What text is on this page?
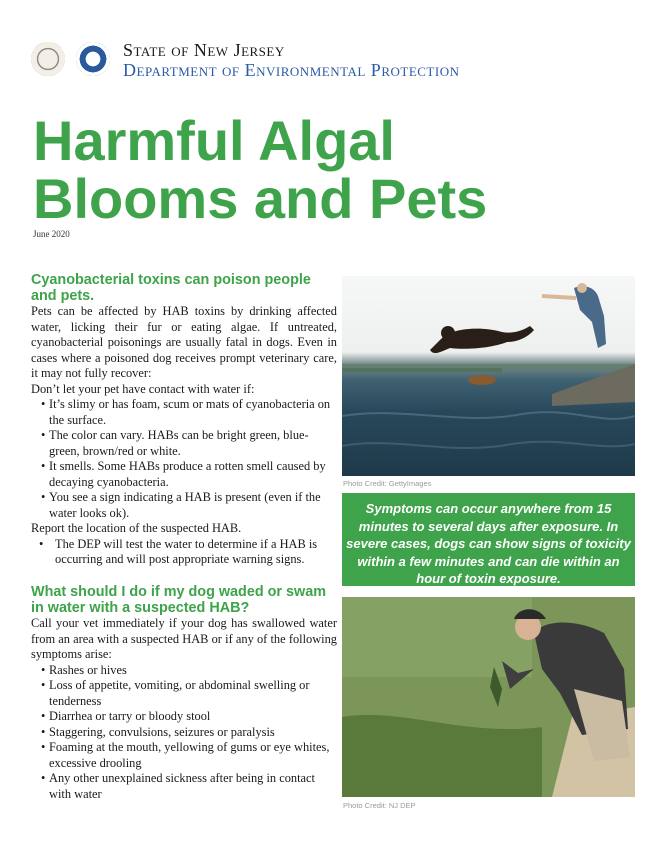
State of New Jersey
Department of Environmental Protection
Harmful Algal Blooms and Pets
June 2020
Cyanobacterial toxins can poison people and pets.

Pets can be affected by HAB toxins by drinking affected water, licking their fur or eating algae. If untreated, cyanobacterial poisonings are usually fatal in dogs. Even in cases where a poisoned dog receives prompt veterinary care, it may not fully recover:

Don’t let your pet have contact with water if:
• It’s slimy or has foam, scum or mats of cyanobacteria on the surface.
• The color can vary. HABs can be bright green, blue-green, brown/red or white.
• It smells. Some HABs produce a rotten smell caused by decaying cyanobacteria.
• You see a sign indicating a HAB is present (even if the water looks ok).
Report the location of the suspected HAB.
• The DEP will test the water to determine if a HAB is occurring and will post appropriate warning signs.
What should I do if my dog waded or swam in water with a suspected HAB?

Call your vet immediately if your dog has swallowed water from an area with a suspected HAB or if any of the following symptoms arise:

• Rashes or hives
• Loss of appetite, vomiting, or abdominal swelling or tenderness
• Diarrhea or tarry or bloody stool
• Staggering, convulsions, seizures or paralysis
• Foaming at the mouth, yellowing of gums or eye whites, excessive drooling
• Any other unexplained sickness after being in contact with water
Photo Credit: GettyImages
Symptoms can occur anywhere from 15 minutes to several days after exposure. In severe cases, dogs can show signs of toxicity within a few minutes and can die within an hour of toxin exposure.
Photo Credit: NJ DEP
